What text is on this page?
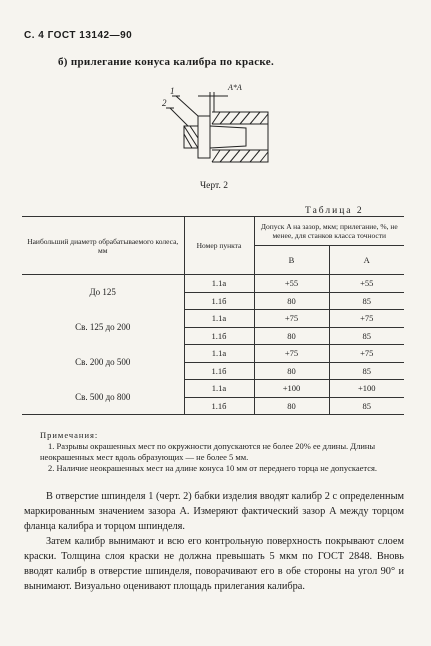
С. 4 ГОСТ 13142—90
б) прилегание конуса калибра по краске.
1
2
A*A
Черт. 2
Таблица 2
Наибольший диаметр обрабатываемого колеса, мм	Номер пункта	Допуск A на зазор, мкм; прилегание, %, не менее, для станков класса точности	
		B	A
До 125	1.1а	+55	+55
	1.1б	80	85
Св. 125 до 200	1.1а	+75	+75
	1.1б	80	85
Св. 200 до 500	1.1а	+75	+75
	1.1б	80	85
Св. 500 до 800	1.1а	+100	+100
	1.1б	80	85

Примечания:

1. Разрывы окрашенных мест по окружности допускаются не более 20% ее длины. Длины неокрашенных мест вдоль образующих — не более 5 мм.

2. Наличие неокрашенных мест на длине конуса 10 мм от переднего торца не допускается.

В отверстие шпинделя 1 (черт. 2) бабки изделия вводят калибр 2 с определенным маркированным значением зазора A. Измеряют фактический зазор A между торцом фланца калибра и торцом шпинделя.

Затем калибр вынимают и всю его контрольную поверхность покрывают слоем краски. Толщина слоя краски не должна превышать 5 мкм по ГОСТ 2848. Вновь вводят калибр в отверстие шпинделя, поворачивают его в обе стороны на угол 90° и вынимают. Визуально оценивают площадь прилегания калибра.
